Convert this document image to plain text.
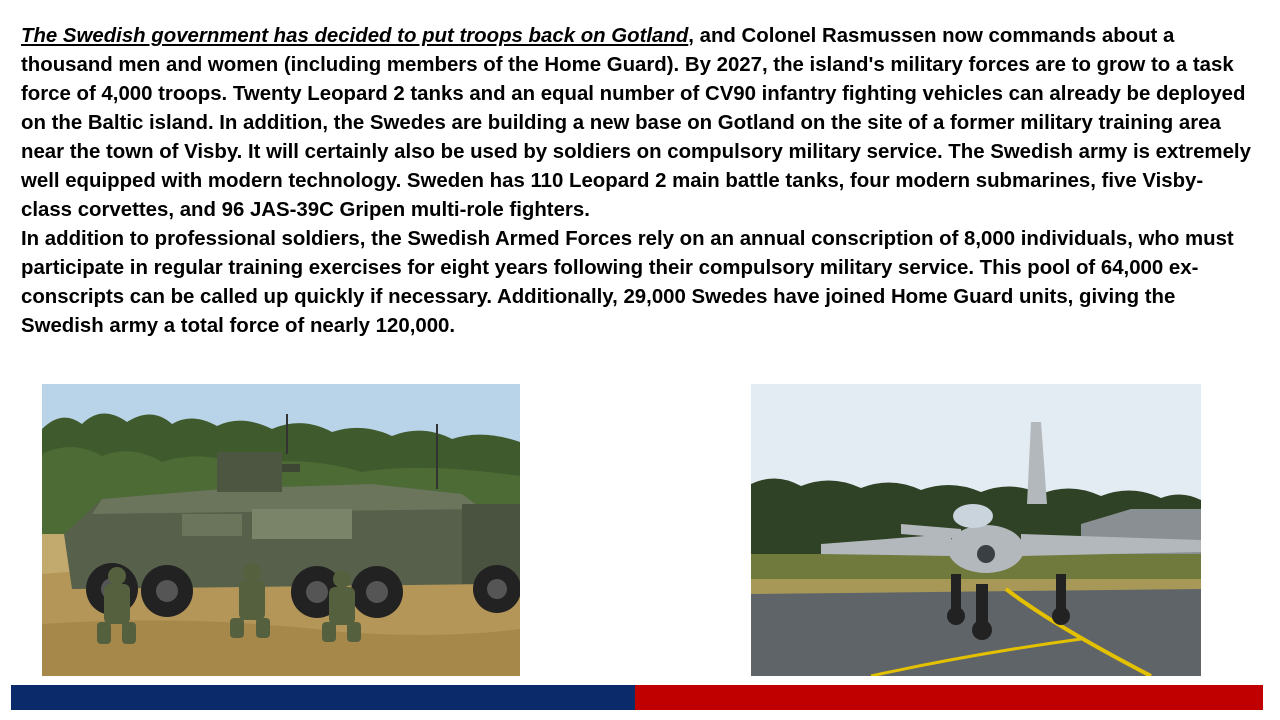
The Swedish government has decided to put troops back on Gotland, and Colonel Rasmussen now commands about a thousand men and women (including members of the Home Guard). By 2027, the island's military forces are to grow to a task force of 4,000 troops. Twenty Leopard 2 tanks and an equal number of CV90 infantry fighting vehicles can already be deployed on the Baltic island. In addition, the Swedes are building a new base on Gotland on the site of a former military training area near the town of Visby. It will certainly also be used by soldiers on compulsory military service. The Swedish army is extremely well equipped with modern technology. Sweden has 110 Leopard 2 main battle tanks, four modern submarines, five Visby-class corvettes, and 96 JAS-39C Gripen multi-role fighters.

In addition to professional soldiers, the Swedish Armed Forces rely on an annual conscription of 8,000 individuals, who must participate in regular training exercises for eight years following their compulsory military service. This pool of 64,000 ex-conscripts can be called up quickly if necessary. Additionally, 29,000 Swedes have joined Home Guard units, giving the Swedish army a total force of nearly 120,000.
